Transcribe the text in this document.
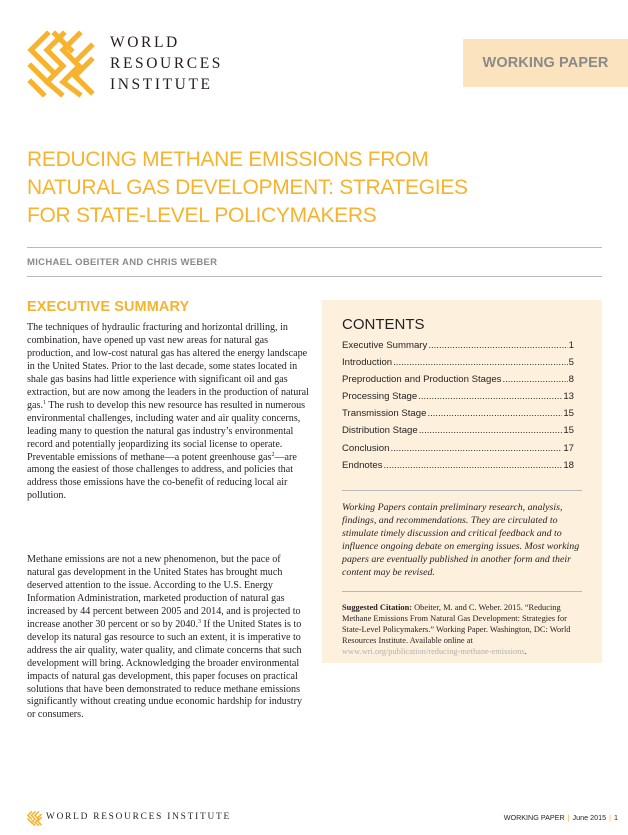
WORLD
RESOURCES
INSTITUTE
WORKING PAPER
REDUCING METHANE EMISSIONS FROM
NATURAL GAS DEVELOPMENT: STRATEGIES
FOR STATE-LEVEL POLICYMAKERS
MICHAEL OBEITER AND CHRIS WEBER
EXECUTIVE SUMMARY
The techniques of hydraulic fracturing and horizontal drilling, in combination, have opened up vast new areas for natural gas production, and low-cost natural gas has altered the energy landscape in the United States. Prior to the last decade, some states located in shale gas basins had little experience with significant oil and gas extraction, but are now among the leaders in the production of natural gas.$^1$ The rush to develop this new resource has resulted in numerous environmental challenges, including water and air quality concerns, leading many to question the natural gas industry’s environmental record and potentially jeopardizing its social license to operate. Preventable emissions of methane—a potent greenhouse gas$^2$—are among the easiest of those challenges to address, and policies that address those emissions have the co-benefit of reducing local air pollution.
Methane emissions are not a new phenomenon, but the pace of natural gas development in the United States has brought much deserved attention to the issue. According to the U.S. Energy Information Administration, marketed production of natural gas increased by 44 percent between 2005 and 2014, and is projected to increase another 30 percent or so by 2040.$^3$ If the United States is to develop its natural gas resource to such an extent, it is imperative to address the air quality, water quality, and climate concerns that such development will bring. Acknowledging the broader environmental impacts of natural gas development, this paper focuses on practical solutions that have been demonstrated to reduce methane emissions significantly without creating undue economic hardship for industry or consumers.
CONTENTS
Executive Summary .....	1
Introduction .....	5
Preproduction and Production Stages .....	8
Processing Stage .....	13
Transmission Stage .....	15
Distribution Stage .....	15
Conclusion .....	17
Endnotes .....	18
Working Papers contain preliminary research, analysis, findings, and recommendations. They are circulated to stimulate timely discussion and critical feedback and to influence ongoing debate on emerging issues. Most working papers are eventually published in another form and their content may be revised.
Suggested Citation: Obeiter, M. and C. Weber. 2015. “Reducing Methane Emissions From Natural Gas Development: Strategies for State-Level Policymakers.” Working Paper. Washington, DC: World Resources Institute. Available online at www.wri.org/publication/reducing-methane-emissions.
WORLD RESOURCES INSTITUTE	WORKING PAPER | June 2015 | 1
